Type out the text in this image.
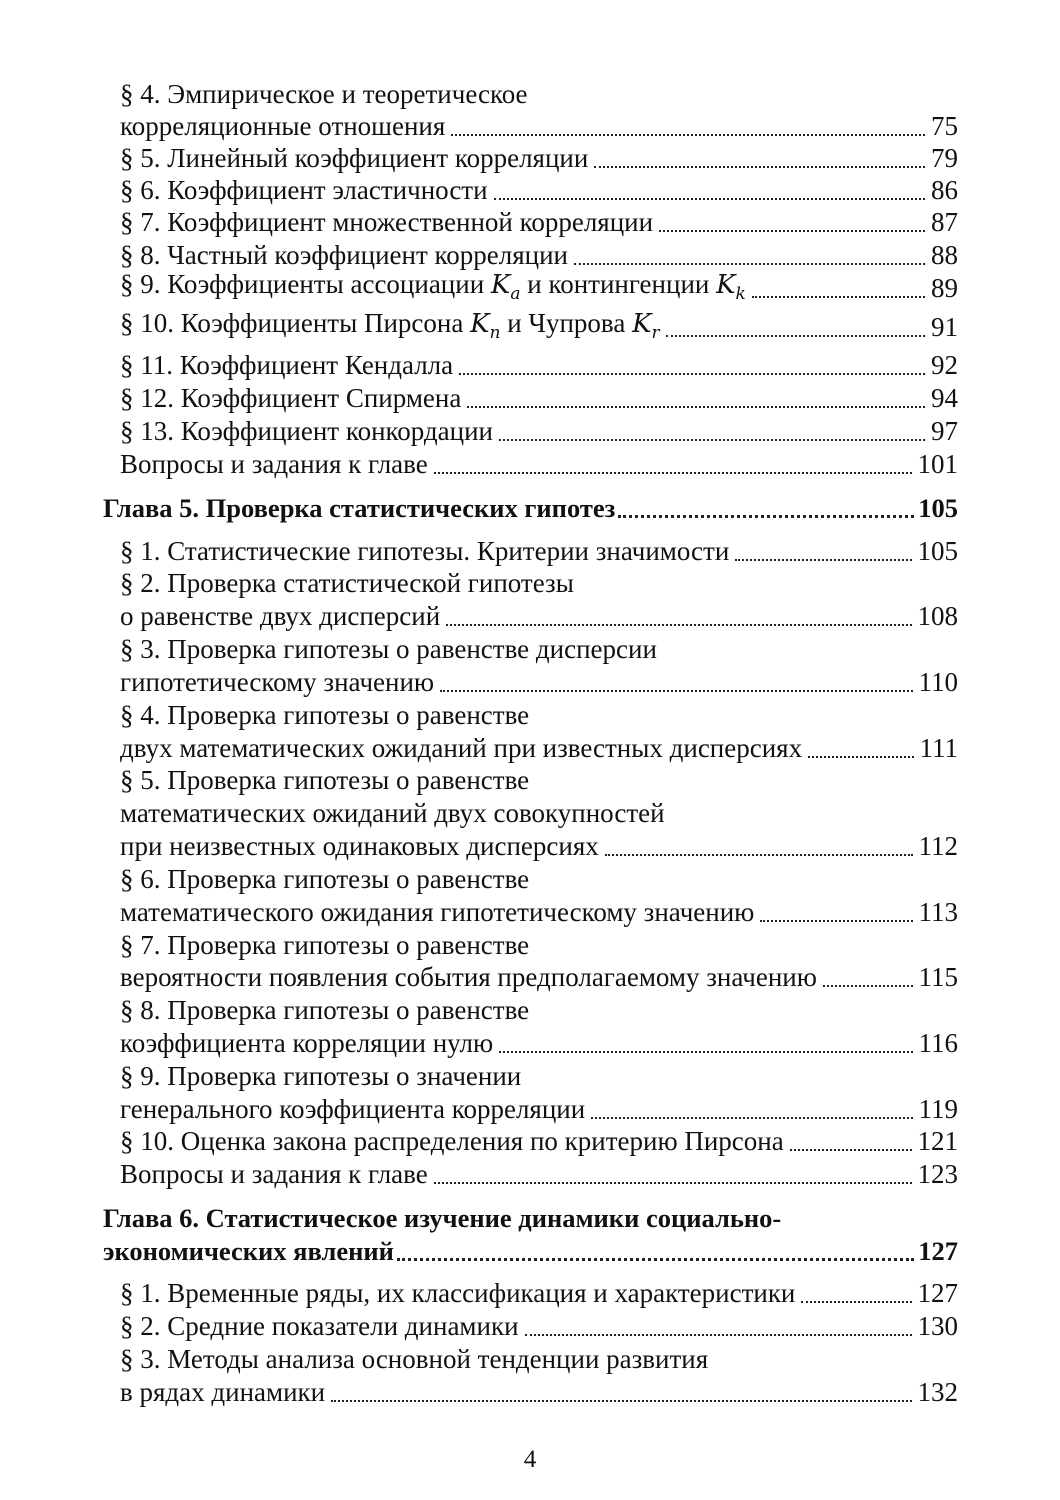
§ 4. Эмпирическое и теоретическое
корреляционные отношения	75
§ 5. Линейный коэффициент корреляции	79
§ 6. Коэффициент эластичности	86
§ 7. Коэффициент множественной корреляции	87
§ 8. Частный коэффициент корреляции	88
§ 9. Коэффициенты ассоциации $K_a$ и контингенции $K_k$	89
§ 10. Коэффициенты Пирсона $K_n$ и Чупрова $K_r$	91
§ 11. Коэффициент Кендалла	92
§ 12. Коэффициент Спирмена	94
§ 13. Коэффициент конкордации	97
Вопросы и задания к главе	101
Глава 5. Проверка статистических гипотез	105
§ 1. Статистические гипотезы. Критерии значимости	105
§ 2. Проверка статистической гипотезы
о равенстве двух дисперсий	108
§ 3. Проверка гипотезы о равенстве дисперсии
гипотетическому значению	110
§ 4. Проверка гипотезы о равенстве
двух математических ожиданий при известных дисперсиях	111
§ 5. Проверка гипотезы о равенстве
математических ожиданий двух совокупностей
при неизвестных одинаковых дисперсиях	112
§ 6. Проверка гипотезы о равенстве
математического ожидания гипотетическому значению	113
§ 7. Проверка гипотезы о равенстве
вероятности появления события предполагаемому значению	115
§ 8. Проверка гипотезы о равенстве
коэффициента корреляции нулю	116
§ 9. Проверка гипотезы о значении
генерального коэффициента корреляции	119
§ 10. Оценка закона распределения по критерию Пирсона	121
Вопросы и задания к главе	123
Глава 6. Статистическое изучение динамики социально-
экономических явлений	127
§ 1. Временные ряды, их классификация и характеристики	127
§ 2. Средние показатели динамики	130
§ 3. Методы анализа основной тенденции развития
в рядах динамики	132
4
